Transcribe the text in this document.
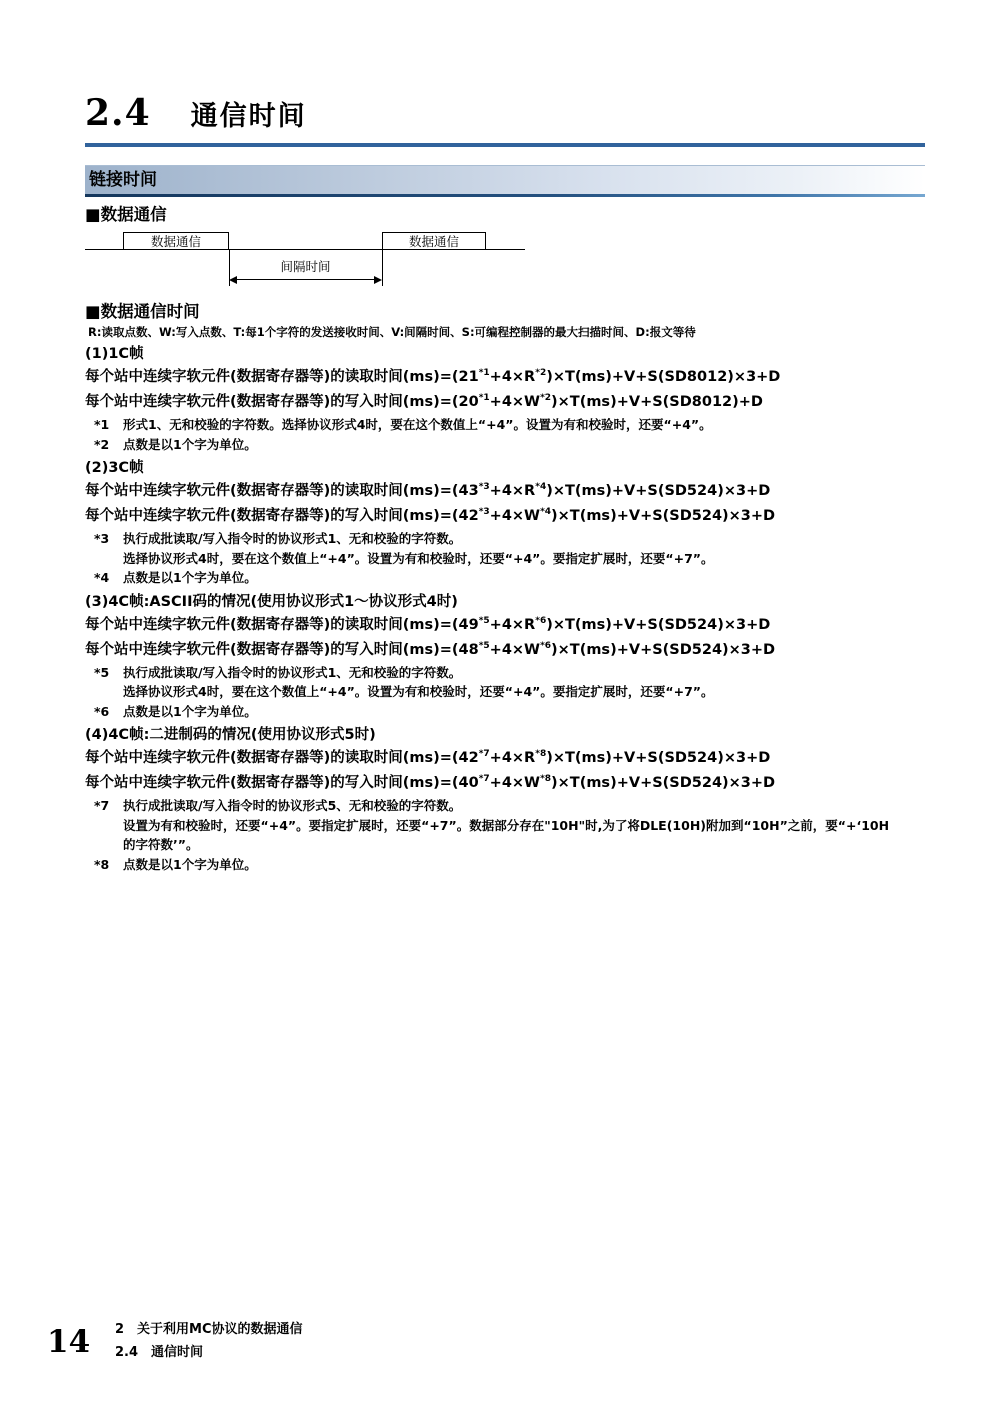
2.4 通信时间
链接时间
■数据通信
数据通信	数据通信
间隔时间
■数据通信时间
R:读取点数、W:写入点数、T:每1个字符的发送接收时间、V:间隔时间、S:可编程控制器的最大扫描时间、D:报文等待
(1)1C帧
每个站中连续字软元件(数据寄存器等)的读取时间$(ms)=(21^{*1}+4\times R^{*2})\times T(ms)+V+S(SD8012)\times 3+D$
每个站中连续字软元件(数据寄存器等)的写入时间$(ms)=(20^{*1}+4\times W^{*2})\times T(ms)+V+S(SD8012)+D$
*1	形式1、无和校验的字符数。选择协议形式4时，要在这个数值上“+4”。设置为有和校验时，还要“+4”。
*2	点数是以1个字为单位。
(2)3C帧
每个站中连续字软元件(数据寄存器等)的读取时间$(ms)=(43^{*3}+4\times R^{*4})\times T(ms)+V+S(SD524)\times 3+D$
每个站中连续字软元件(数据寄存器等)的写入时间$(ms)=(42^{*3}+4\times W^{*4})\times T(ms)+V+S(SD524)\times 3+D$
*3	执行成批读取/写入指令时的协议形式1、无和校验的字符数。
选择协议形式4时，要在这个数值上“+4”。设置为有和校验时，还要“+4”。要指定扩展时，还要“+7”。
*4	点数是以1个字为单位。
(3)4C帧:ASCII码的情况(使用协议形式1～协议形式4时)
每个站中连续字软元件(数据寄存器等)的读取时间$(ms)=(49^{*5}+4\times R^{*6})\times T(ms)+V+S(SD524)\times 3+D$
每个站中连续字软元件(数据寄存器等)的写入时间$(ms)=(48^{*5}+4\times W^{*6})\times T(ms)+V+S(SD524)\times 3+D$
*5	执行成批读取/写入指令时的协议形式1、无和校验的字符数。
选择协议形式4时，要在这个数值上“+4”。设置为有和校验时，还要“+4”。要指定扩展时，还要“+7”。
*6	点数是以1个字为单位。
(4)4C帧:二进制码的情况(使用协议形式5时)
每个站中连续字软元件(数据寄存器等)的读取时间$(ms)=(42^{*7}+4\times R^{*8})\times T(ms)+V+S(SD524)\times 3+D$
每个站中连续字软元件(数据寄存器等)的写入时间$(ms)=(40^{*7}+4\times W^{*8})\times T(ms)+V+S(SD524)\times 3+D$
*7	执行成批读取/写入指令时的协议形式5、无和校验的字符数。
设置为有和校验时，还要“+4”。要指定扩展时，还要“+7”。数据部分存在"10H"时,为了将DLE(10H)附加到“10H”之前，要“+‘10H
的字符数’”。
*8	点数是以1个字为单位。
14 2　关于利用MC协议的数据通信
2.4　通信时间
